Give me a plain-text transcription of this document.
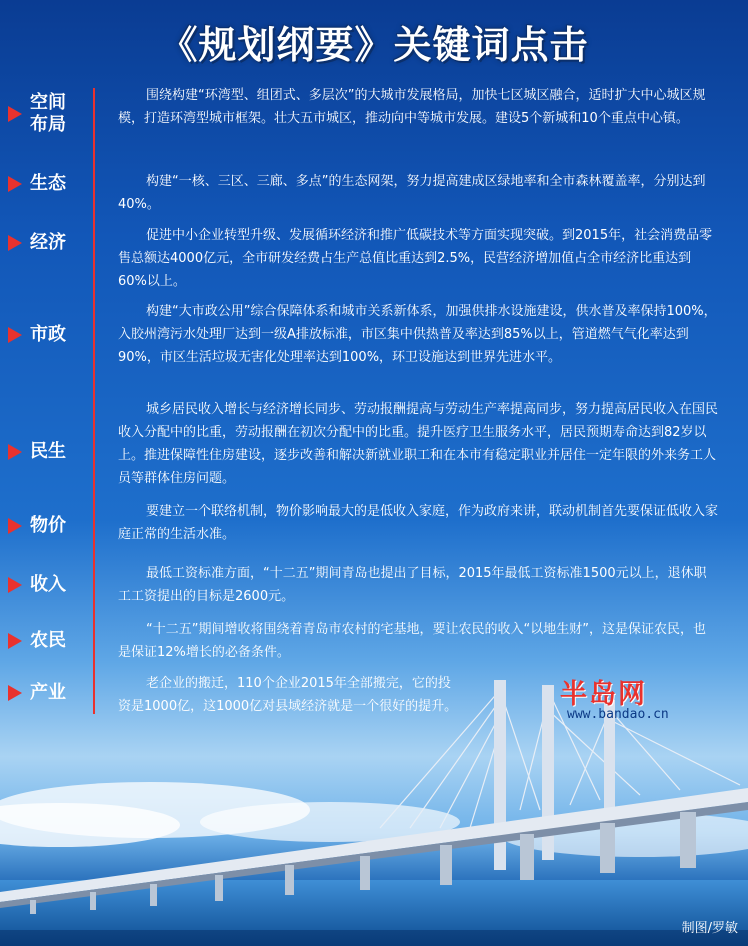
《规划纲要》关键词点击
空间布局

围绕构建“环湾型、组团式、多层次”的大城市发展格局，加快七区城区融合，适时扩大中心城区规模，打造环湾型城市框架。壮大五市城区，推动向中等城市发展。建设5个新城和10个重点中心镇。

生态	构建“一核、三区、三廊、多点”的生态网架，努力提高建成区绿地率和全市森林覆盖率，分别达到40%。

经济	促进中小企业转型升级、发展循环经济和推广低碳技术等方面实现突破。到2015年，社会消费品零售总额达4000亿元，全市研发经费占生产总值比重达到2.5%，民营经济增加值占全市经济比重达到60%以上。

市政

构建“大市政公用”综合保障体系和城市关系新体系，加强供排水设施建设，供水普及率保持100%，入胶州湾污水处理厂达到一级A排放标准，市区集中供热普及率达到85%以上，管道燃气气化率达到90%，市区生活垃圾无害化处理率达到100%，环卫设施达到世界先进水平。

民生

城乡居民收入增长与经济增长同步、劳动报酬提高与劳动生产率提高同步，努力提高居民收入在国民收入分配中的比重，劳动报酬在初次分配中的比重。提升医疗卫生服务水平，居民预期寿命达到82岁以上。推进保障性住房建设，逐步改善和解决新就业职工和在本市有稳定职业并居住一定年限的外来务工人员等群体住房问题。

物价

要建立一个联络机制，物价影响最大的是低收入家庭，作为政府来讲，联动机制首先要保证低收入家庭正常的生活水准。

收入

最低工资标准方面，“十二五”期间青岛也提出了目标，2015年最低工资标准1500元以上，退休职工工资提出的目标是2600元。

农民

“十二五”期间增收将围绕着青岛市农村的宅基地，要让农民的收入“以地生财”，这是保证农民，也是保证12%增长的必备条件。

产业	老企业的搬迁，110个企业2015年全部搬完，它的投资是1000亿，这1000亿对县域经济就是一个很好的提升。	半岛网
www.bandao.cn
制图/罗敏
